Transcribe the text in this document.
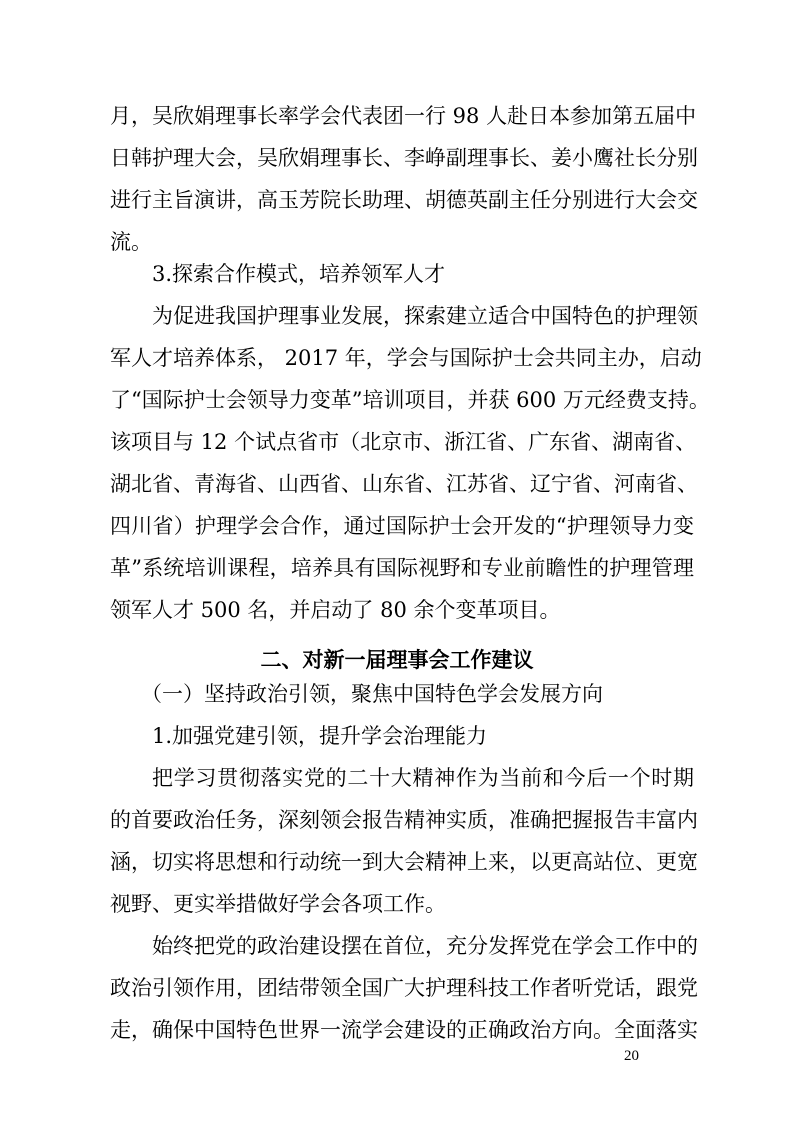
月，吴欣娟理事长率学会代表团一行 98 人赴日本参加第五届中
日韩护理大会，吴欣娟理事长、李峥副理事长、姜小鹰社长分别
进行主旨演讲，高玉芳院长助理、胡德英副主任分别进行大会交
流。
3.探索合作模式，培养领军人才
为促进我国护理事业发展，探索建立适合中国特色的护理领
军人才培养体系， 2017 年，学会与国际护士会共同主办，启动
了“国际护士会领导力变革”培训项目，并获 600 万元经费支持。
该项目与 12 个试点省市（北京市、浙江省、广东省、湖南省、
湖北省、青海省、山西省、山东省、江苏省、辽宁省、河南省、
四川省）护理学会合作，通过国际护士会开发的“护理领导力变
革”系统培训课程，培养具有国际视野和专业前瞻性的护理管理
领军人才 500 名，并启动了 80 余个变革项目。
二、对新一届理事会工作建议
（一）坚持政治引领，聚焦中国特色学会发展方向
1.加强党建引领，提升学会治理能力
把学习贯彻落实党的二十大精神作为当前和今后一个时期
的首要政治任务，深刻领会报告精神实质，准确把握报告丰富内
涵，切实将思想和行动统一到大会精神上来，以更高站位、更宽
视野、更实举措做好学会各项工作。
始终把党的政治建设摆在首位，充分发挥党在学会工作中的
政治引领作用，团结带领全国广大护理科技工作者听党话，跟党
走，确保中国特色世界一流学会建设的正确政治方向。全面落实
20
